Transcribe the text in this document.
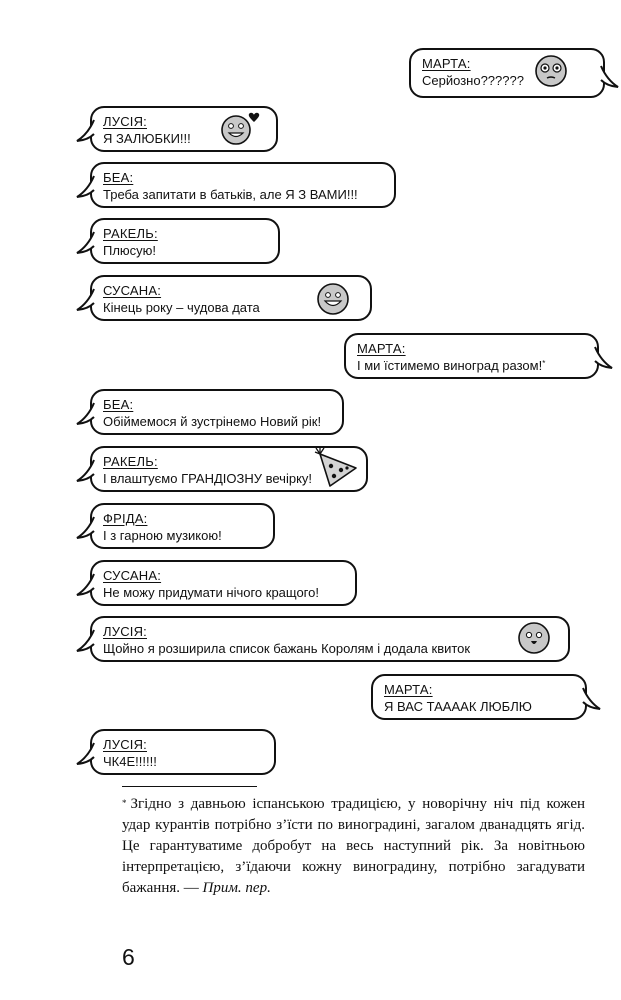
МАРТА:
Серйозно??????
ЛУСІЯ:
Я ЗАЛЮБКИ!!!
БЕА:
Треба запитати в батьків, але Я З ВАМИ!!!
РАКЕЛЬ:
Плюсую!
СУСАНА:
Кінець року – чудова дата
МАРТА:
І ми їстимемо виноград разом!*
БЕА:
Обіймемося й зустрінемо Новий рік!
РАКЕЛЬ:
І влаштуємо ГРАНДІОЗНУ вечірку!
ФРІДА:
І з гарною музикою!
СУСАНА:
Не можу придумати нічого кращого!
ЛУСІЯ:
Щойно я розширила список бажань Королям і додала квиток
МАРТА:
Я ВАС ТААААК ЛЮБЛЮ
ЛУСІЯ:
ЧК4Е!!!!!!
* Згідно з давньою іспанською традицією, у новорічну ніч під кожен удар курантів потрібно з’їсти по виноградині, загалом дванадцять ягід. Це гарантуватиме добробут на весь наступний рік. За новітньою інтерпретацією, з’їдаючи кожну виноградину, потрібно загадувати бажання. — Прим. пер.
6
